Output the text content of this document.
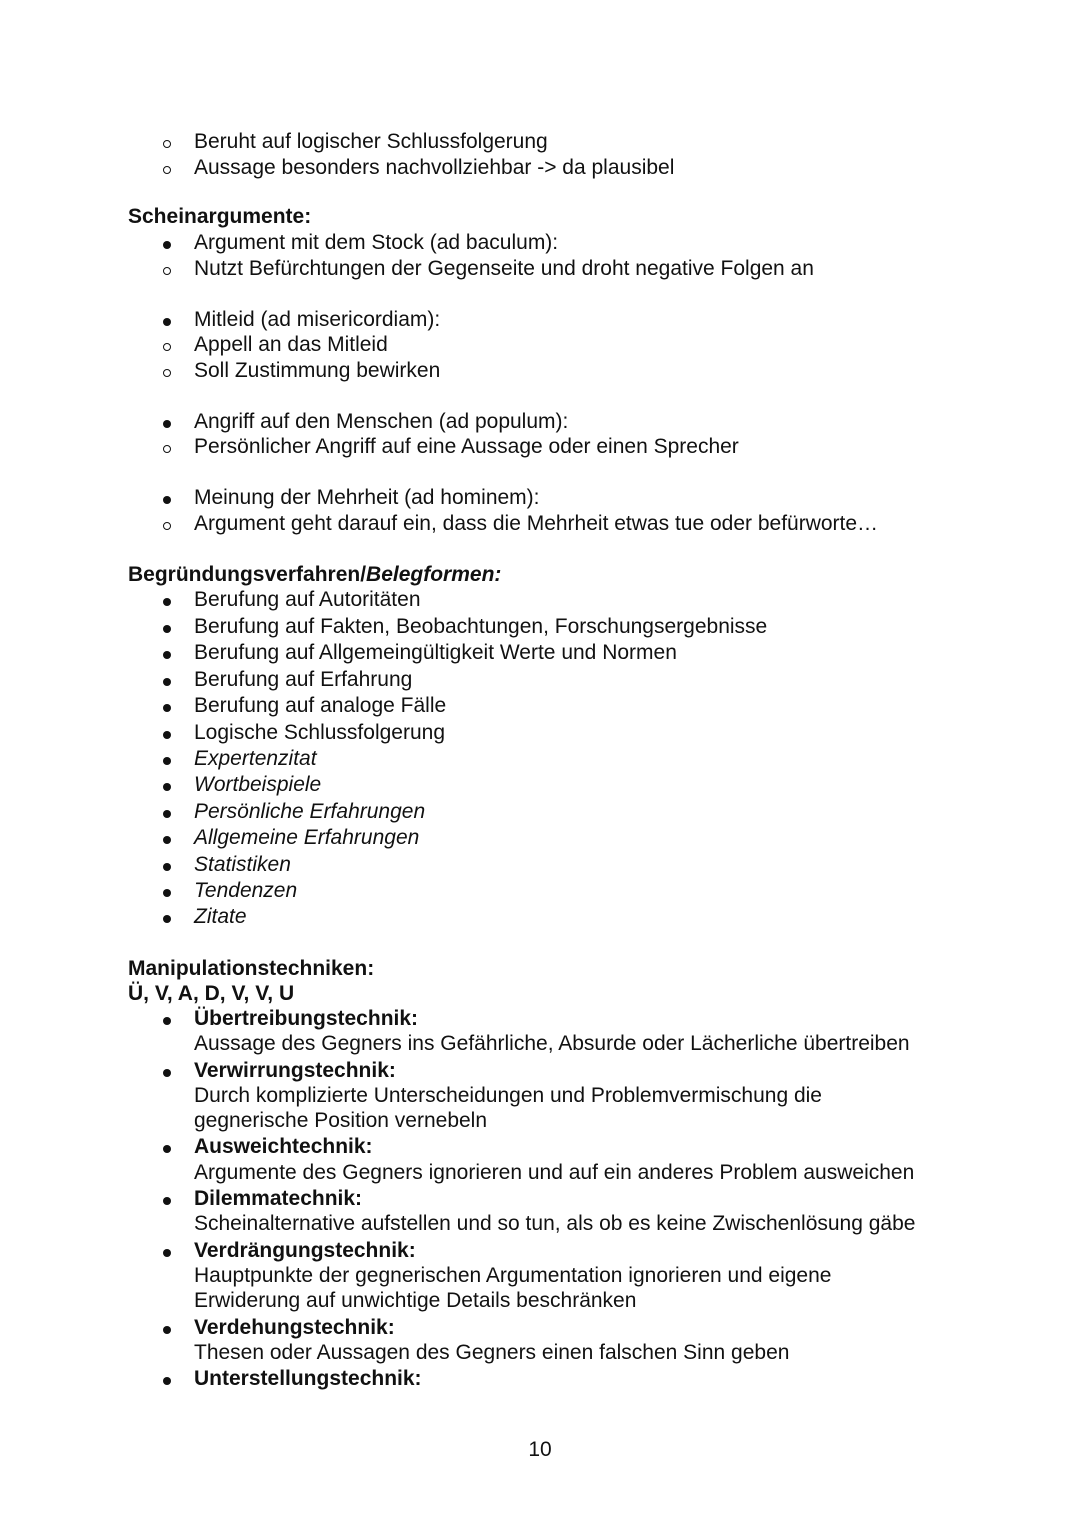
Beruht auf logischer Schlussfolgerung
Aussage besonders nachvollziehbar -> da plausibel
Scheinargumente:
Argument mit dem Stock (ad baculum):
Nutzt Befürchtungen der Gegenseite und droht negative Folgen an
Mitleid (ad misericordiam):
Appell an das Mitleid
Soll Zustimmung bewirken
Angriff auf den Menschen (ad populum):
Persönlicher Angriff auf eine Aussage oder einen Sprecher
Meinung der Mehrheit (ad hominem):
Argument geht darauf ein, dass die Mehrheit etwas tue oder befürworte…
Begründungsverfahren/Belegformen:
Berufung auf Autoritäten
Berufung auf Fakten, Beobachtungen, Forschungsergebnisse
Berufung auf Allgemeingültigkeit Werte und Normen
Berufung auf Erfahrung
Berufung auf analoge Fälle
Logische Schlussfolgerung
Expertenzitat
Wortbeispiele
Persönliche Erfahrungen
Allgemeine Erfahrungen
Statistiken
Tendenzen
Zitate
Manipulationstechniken:
Ü, V, A, D, V, V, U
Übertreibungstechnik:
Aussage des Gegners ins Gefährliche, Absurde oder Lächerliche übertreiben
Verwirrungstechnik:
Durch komplizierte Unterscheidungen und Problemvermischung die
gegnerische Position vernebeln
Ausweichtechnik:
Argumente des Gegners ignorieren und auf ein anderes Problem ausweichen
Dilemmatechnik:
Scheinalternative aufstellen und so tun, als ob es keine Zwischenlösung gäbe
Verdrängungstechnik:
Hauptpunkte der gegnerischen Argumentation ignorieren und eigene
Erwiderung auf unwichtige Details beschränken
Verdehungstechnik:
Thesen oder Aussagen des Gegners einen falschen Sinn geben
Unterstellungstechnik:
10
